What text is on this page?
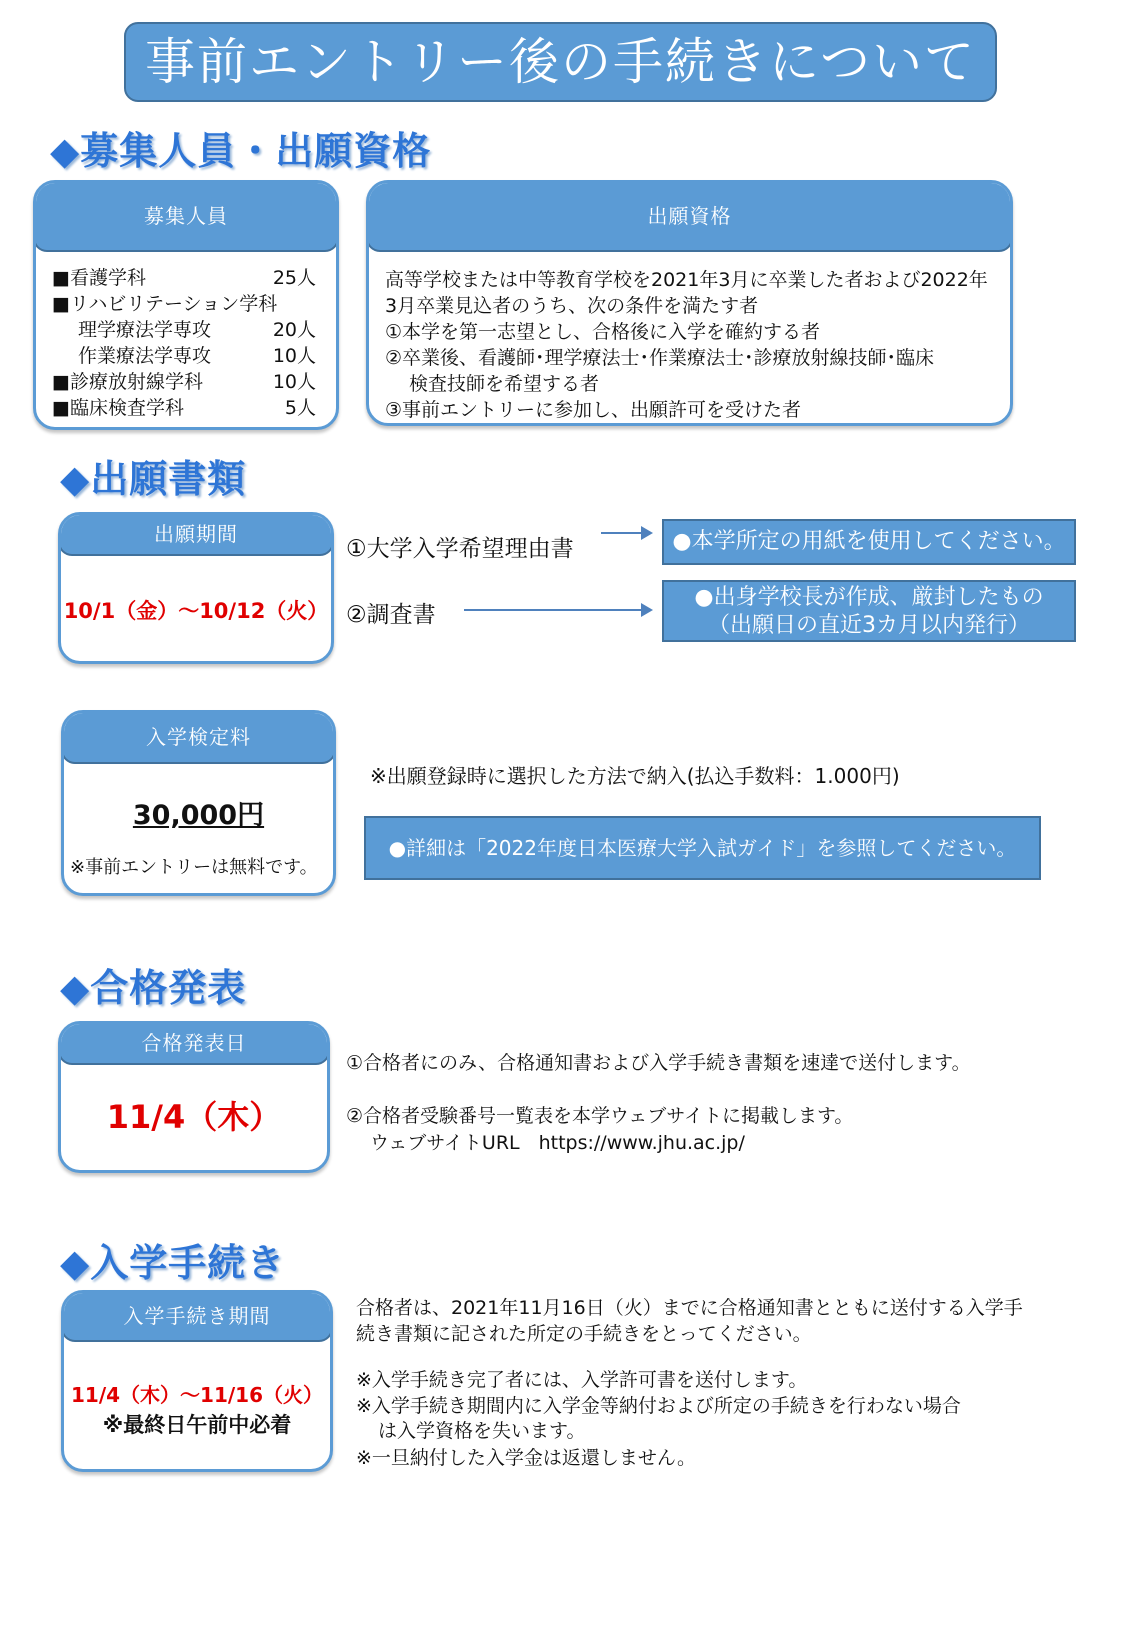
事前エントリー後の手続きについて
◆募集人員・出願資格
募集人員
■看護学科	25人
■リハビリテーション学科
理学療法学専攻	20人
作業療法学専攻	10人
■診療放射線学科	10人
■臨床検査学科	5人
出願資格
高等学校または中等教育学校を2021年3月に卒業した者および2022年3月卒業見込者のうち、次の条件を満たす者
①本学を第一志望とし、合格後に入学を確約する者
②卒業後、看護師･理学療法士･作業療法士･診療放射線技師･臨床
検査技師を希望する者
③事前エントリーに参加し、出願許可を受けた者
◆出願書類
出願期間
10/1（金）～10/12（火）
①大学入学希望理由書	●本学所定の用紙を使用してください。
②調査書
●出身学校長が作成、厳封したもの
（出願日の直近3カ月以内発行）
入学検定料
30,000円
※事前エントリーは無料です。
※出願登録時に選択した方法で納入(払込手数料：1.000円)
●詳細は「2022年度日本医療大学入試ガイド」を参照してください。
◆合格発表
合格発表日
11/4（木）
①合格者にのみ、合格通知書および入学手続き書類を速達で送付します。
②合格者受験番号一覧表を本学ウェブサイトに掲載します。
ウェブサイトURL　https://www.jhu.ac.jp/
◆入学手続き
入学手続き期間
11/4（木）～11/16（火）
※最終日午前中必着
合格者は、2021年11月16日（火）までに合格通知書とともに送付する入学手
続き書類に記された所定の手続きをとってください。
※入学手続き完了者には、入学許可書を送付します。
※入学手続き期間内に入学金等納付および所定の手続きを行わない場合
は入学資格を失います。
※一旦納付した入学金は返還しません。
